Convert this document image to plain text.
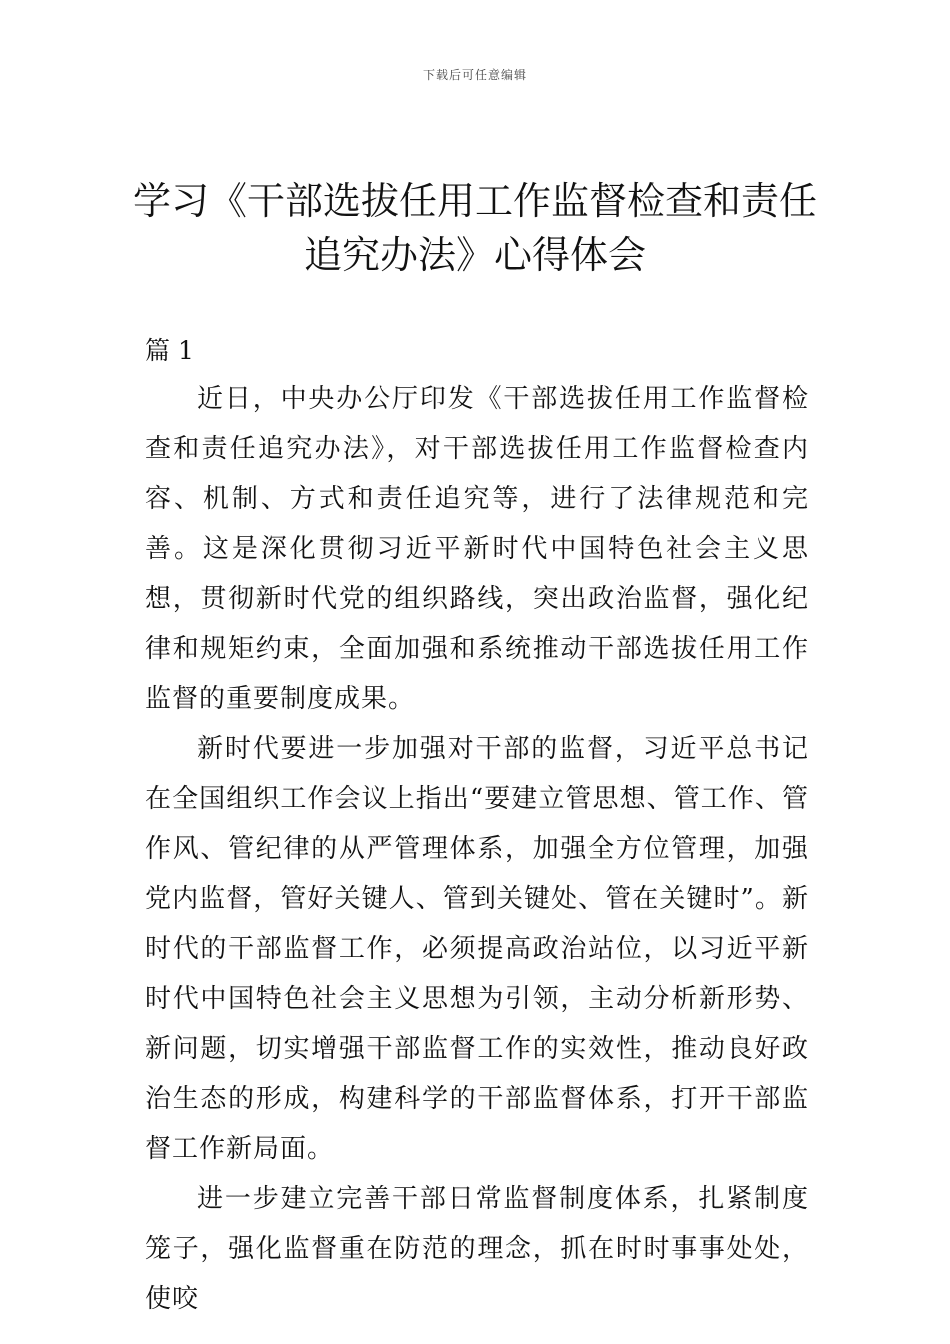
下载后可任意编辑
学习《干部选拔任用工作监督检查和责任
追究办法》心得体会
篇 1

近日，中央办公厅印发《干部选拔任用工作监督检查和责任追究办法》，对干部选拔任用工作监督检查内容、机制、方式和责任追究等，进行了法律规范和完善。这是深化贯彻习近平新时代中国特色社会主义思想，贯彻新时代党的组织路线，突出政治监督，强化纪律和规矩约束，全面加强和系统推动干部选拔任用工作监督的重要制度成果。

新时代要进一步加强对干部的监督，习近平总书记在全国组织工作会议上指出“要建立管思想、管工作、管作风、管纪律的从严管理体系，加强全方位管理，加强党内监督，管好关键人、管到关键处、管在关键时”。新时代的干部监督工作，必须提高政治站位，以习近平新时代中国特色社会主义思想为引领，主动分析新形势、新问题，切实增强干部监督工作的实效性，推动良好政治生态的形成，构建科学的干部监督体系，打开干部监督工作新局面。

进一步建立完善干部日常监督制度体系，扎紧制度笼子，强化监督重在防范的理念，抓在时时事事处处，使咬
